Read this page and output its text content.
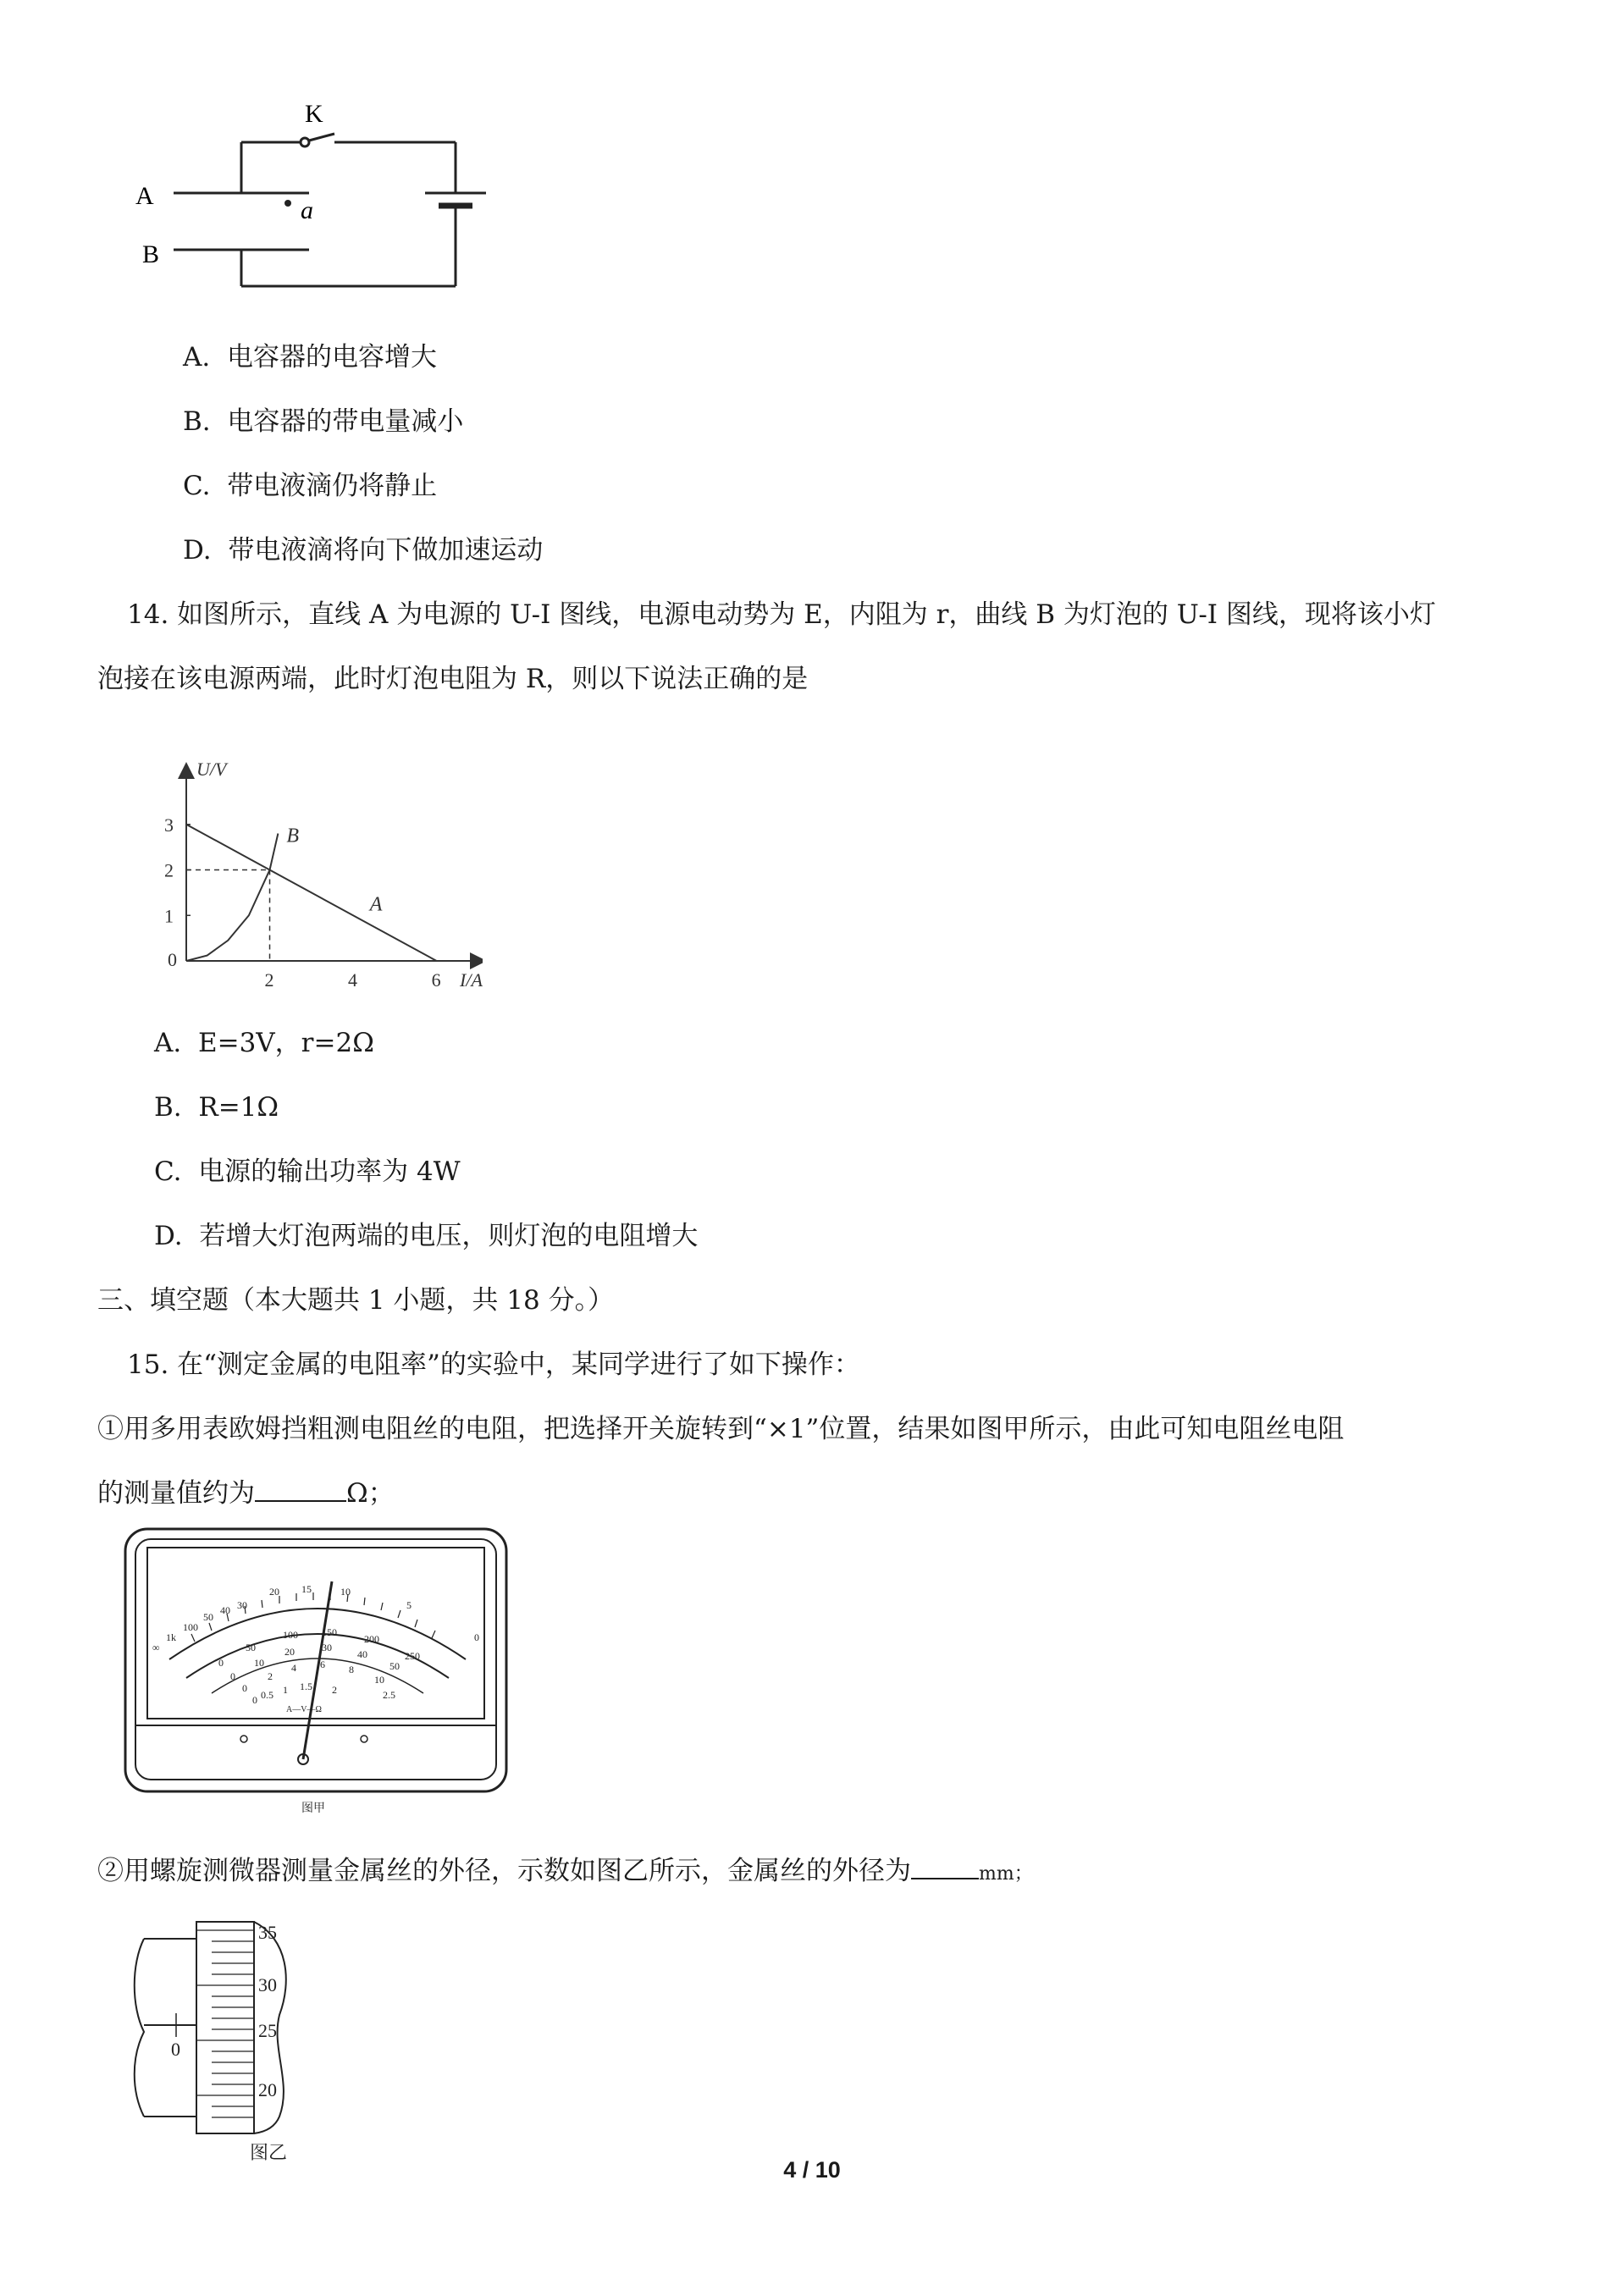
K
A
B
a
A. 电容器的电容增大
B. 电容器的带电量减小
C. 带电液滴仍将静止
D. 带电液滴将向下做加速运动
14. 如图所示，直线 A 为电源的 U-I 图线，电源电动势为 E，内阻为 r，曲线 B 为灯泡的 U-I 图线，现将该小灯
泡接在该电源两端，此时灯泡电阻为 R，则以下说法正确的是
U/V
I/A
0
2	4	6
1
2
3
A
B
A. E=3V，r=2Ω
B. R=1Ω
C. 电源的输出功率为 4W
D. 若增大灯泡两端的电压，则灯泡的电阻增大
三、填空题（本大题共 1 小题，共 18 分。）
15. 在“测定金属的电阻率”的实验中，某同学进行了如下操作：
①用多用表欧姆挡粗测电阻丝的电阻，把选择开关旋转到“×1”位置，结果如图甲所示，由此可知电阻丝电阻
的测量值约为	Ω；
∞
1k
100
50
40 30
20 15	10
5
0
0
50
100 150
200
250
0
10
20	30
40
50
0
2
4 6 8
10
0 0.5 1 1.5 2	2.5
A—V—Ω
图甲
②用螺旋测微器测量金属丝的外径，示数如图乙所示，金属丝的外径为	mm；
35
30
25
20
0
图乙
4 / 10
